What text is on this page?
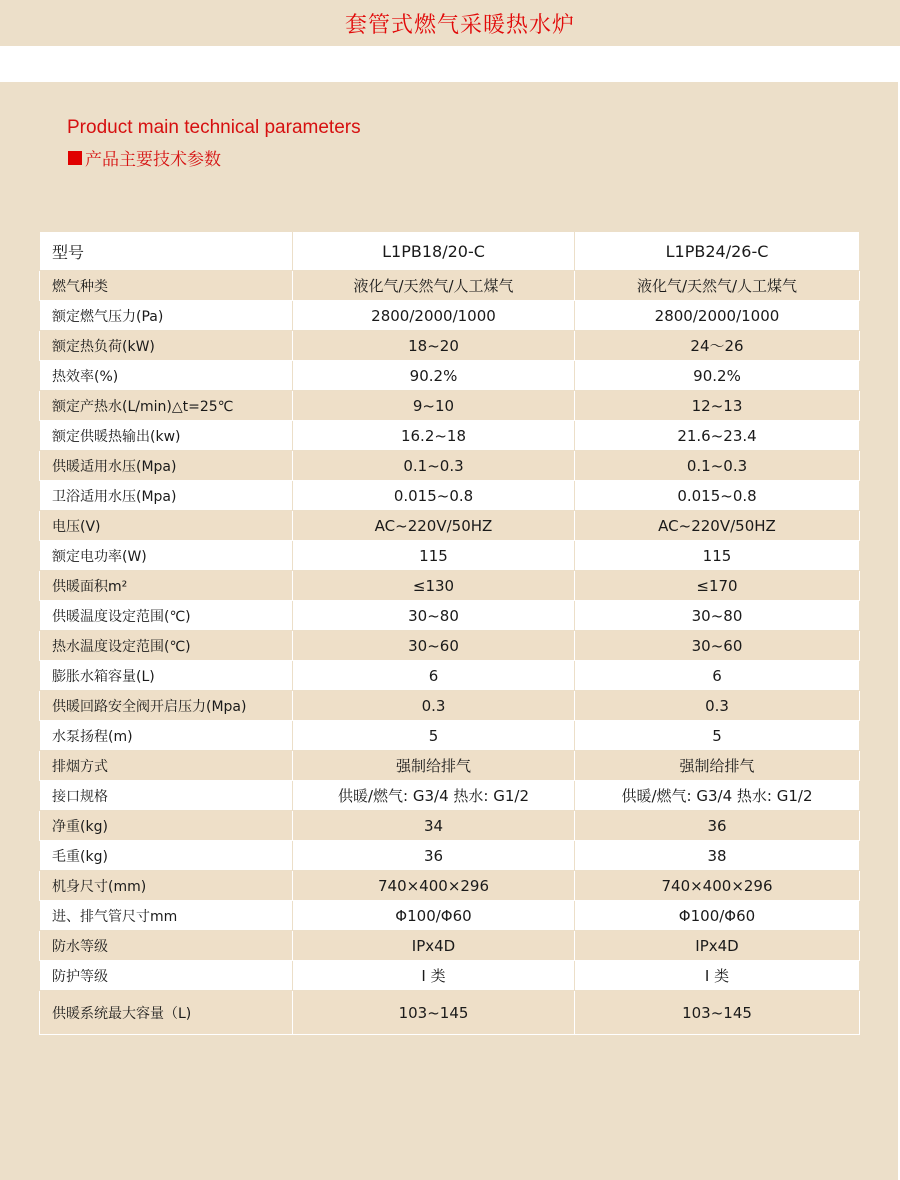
套管式燃气采暖热水炉
Product main technical parameters
产品主要技术参数
型号	L1PB18/20-C	L1PB24/26-C
燃气种类	液化气/天然气/人工煤气	液化气/天然气/人工煤气
额定燃气压力(Pa)	2800/2000/1000	2800/2000/1000
额定热负荷(kW)	18~20	24～26
热效率(%)	90.2%	90.2%
额定产热水(L/min)△t=25℃	9~10	12~13
额定供暖热输出(kw)	16.2~18	21.6~23.4
供暖适用水压(Mpa)	0.1~0.3	0.1~0.3
卫浴适用水压(Mpa)	0.015~0.8	0.015~0.8
电压(V)	AC~220V/50HZ	AC~220V/50HZ
额定电功率(W)	115	115
供暖面积m²	≤130	≤170
供暖温度设定范围(℃)	30~80	30~80
热水温度设定范围(℃)	30~60	30~60
膨胀水箱容量(L)	6	6
供暖回路安全阀开启压力(Mpa)	0.3	0.3
水泵扬程(m)	5	5
排烟方式	强制给排气	强制给排气
接口规格	供暖/燃气: G3/4 热水: G1/2	供暖/燃气: G3/4 热水: G1/2
净重(kg)	34	36
毛重(kg)	36	38
机身尺寸(mm)	740×400×296	740×400×296
进、排气管尺寸mm	Φ100/Φ60	Φ100/Φ60
防水等级	IPx4D	IPx4D
防护等级	I 类	I 类
供暖系统最大容量（L)	103~145	103~145
